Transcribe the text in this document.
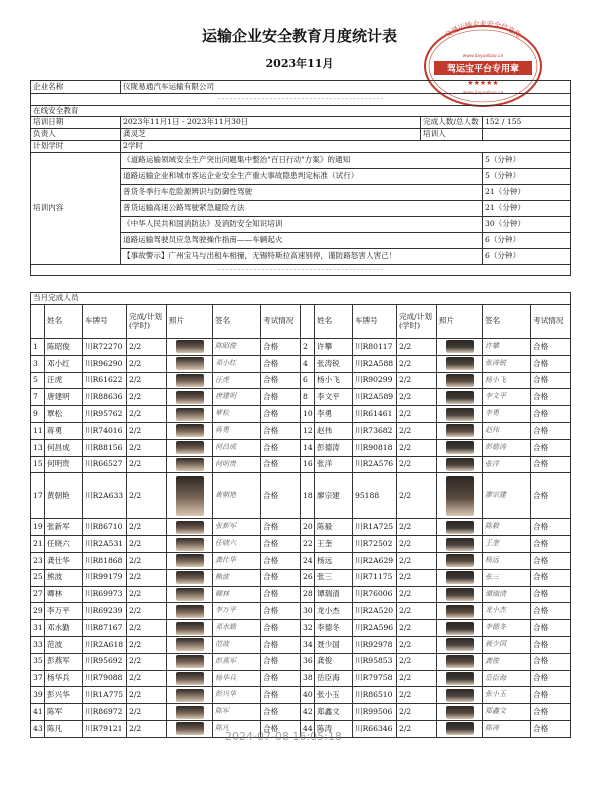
运输企业安全教育月度统计表
2023年11月
交通运输企业安全信息化
www.jiayunbao.cn
驾运宝平台专用章
★★★★★
www.jiayunbao.cn
企业名称	仪陇易通汽车运输有限公司		
- - - - - - - - - - - - - - - - - - - - - - - - - - - - - - - - - - - - - - - - - -			
在线安全教育			
培训日期	2023年11月1日 - 2023年11月30日	完成人数/总人数	152 / 155
负责人	龚灵芝	培训人	
计划学时	2学时		
培训内容	《道路运输领域安全生产突出问题集中整治"百日行动"方案》的通知		5（分钟）
	道路运输企业和城市客运企业安全生产重大事故隐患判定标准（试行）		5（分钟）
	普货冬季行车危险源辨识与防御性驾驶		21（分钟）
	普货运输高速公路驾驶紧急避险方法		21（分钟）
	《中华人民共和国消防法》及消防安全知识培训		30（分钟）
	道路运输驾驶员应急驾驶操作指南——车辆起火		6（分钟）
	【事故警示】广州宝马与出租车相撞，无锡特斯拉高速别停，谨防路怒害人害己！		6（分钟）
- - - - - - - - - - - - - - - - - - - - - - - - - - - - - - - - - - - - - - - - - -			
当月完成人员													
	姓名	车牌号	完成/计划(学时)	照片	签名	考试情况		姓名	车牌号	完成/计划(学时)	照片	签名	考试情况
1	陈昭俊	川R72270	2/2		陈昭俊	合格	2	许攀	川R80117	2/2		许攀	合格
3	邓小红	川R96290	2/2		邓小红	合格	4	张涛锐	川R2A588	2/2		张涛锐	合格
5	汪虎	川R61622	2/2		汪虎	合格	6	杨小飞	川R90299	2/2		杨小飞	合格
7	唐建明	川R88636	2/2		唐建明	合格	8	李文平	川R2A589	2/2		李文平	合格
9	覃松	川R95762	2/2		覃松	合格	10	李勇	川R61461	2/2		李勇	合格
11	蒋勇	川R74016	2/2		蒋勇	合格	12	赵伟	川R73682	2/2		赵伟	合格
13	何昌成	川R88156	2/2		何昌成	合格	14	彭德涛	川R90818	2/2		彭德涛	合格
15	何明贵	川R66527	2/2		何明贵	合格	16	张洋	川R2A576	2/2		张洋	合格
17	黄朝艳	川R2A633	2/2		黄朝艳	合格	18	廖宗建	95188	2/2		廖宗建	合格
19	张新军	川R86710	2/2		张新军	合格	20	陈毅	川R1A725	2/2		陈毅	合格
21	任晓六	川R2A531	2/2		任晓六	合格	22	王奎	川R72502	2/2		王奎	合格
23	龚仕华	川R81868	2/2		龚仕华	合格	24	杨远	川R2A629	2/2		杨远	合格
25	熊波	川R99179	2/2		熊波	合格	26	张三	川R71175	2/2		张三	合格
27	卿林	川R69973	2/2		卿林	合格	28	谭瑞清	川R76006	2/2		谭瑞清	合格
29	李万平	川R69239	2/2		李万平	合格	30	龙小杰	川R2A520	2/2		龙小杰	合格
31	邓水勤	川R87167	2/2		邓水勤	合格	32	李德冬	川R2A596	2/2		李德冬	合格
33	范波	川R2A618	2/2		范波	合格	34	聂少国	川R92978	2/2		聂少国	合格
35	彭燕军	川R95692	2/2		彭燕军	合格	36	龚俊	川R95853	2/2		龚俊	合格
37	杨华兵	川R79088	2/2		杨华兵	合格	38	岳臣海	川R79758	2/2		岳臣海	合格
39	彭兴华	川R1A775	2/2		彭兴华	合格	40	张小玉	川R86510	2/2		张小玉	合格
41	陈军	川R86972	2/2		陈军	合格	42	郑鑫文	川R99506	2/2		郑鑫文	合格
43	陈凡	川R79121	2/2		陈凡	合格	44	陈涛	川R66346	2/2		陈涛	合格
2024-07-08 16:05:18
